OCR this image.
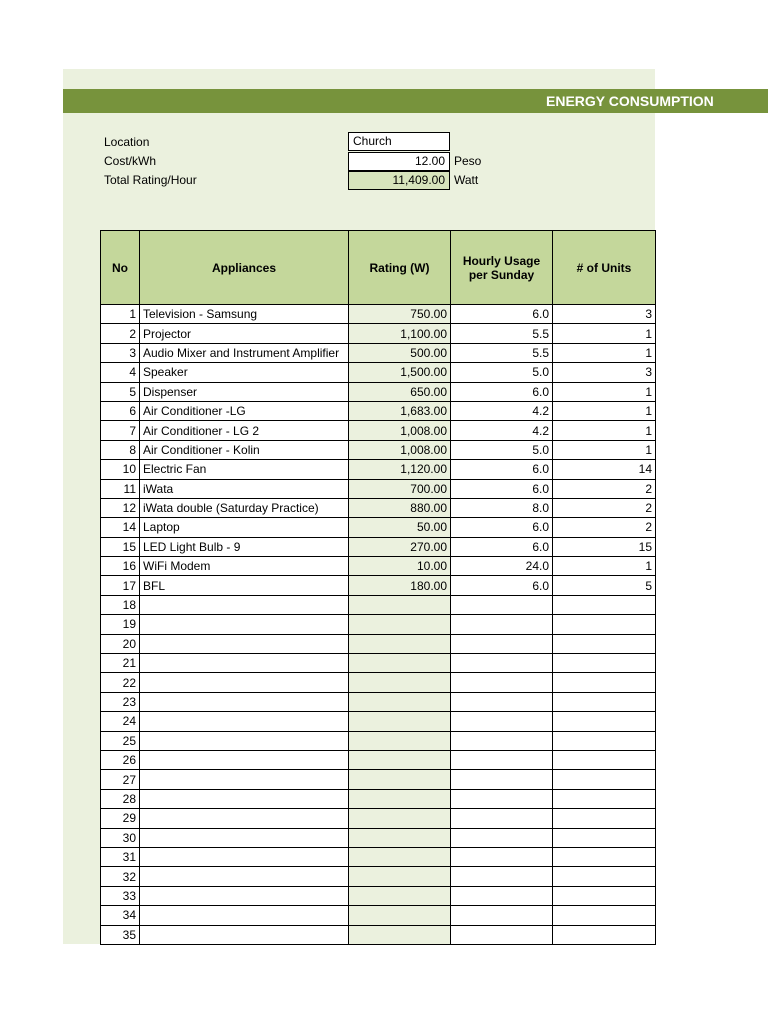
ENERGY CONSUMPTION
Location	Church
Cost/kWh	12.00 Peso
Total Rating/Hour	11,409.00 Watt
No	Appliances	Rating (W)	Hourly Usage per Sunday	# of Units
1	Television - Samsung	750.00	6.0	3
2	Projector	1,100.00	5.5	1
3	Audio Mixer and Instrument Amplifier	500.00	5.5	1
4	Speaker	1,500.00	5.0	3
5	Dispenser	650.00	6.0	1
6	Air Conditioner -LG	1,683.00	4.2	1
7	Air Conditioner - LG 2	1,008.00	4.2	1
8	Air Conditioner - Kolin	1,008.00	5.0	1
10	Electric Fan	1,120.00	6.0	14
11	iWata	700.00	6.0	2
12	iWata double (Saturday Practice)	880.00	8.0	2
14	Laptop	50.00	6.0	2
15	LED Light Bulb - 9	270.00	6.0	15
16	WiFi Modem	10.00	24.0	1
17	BFL	180.00	6.0	5
18				
19				
20				
21				
22				
23				
24				
25				
26				
27				
28				
29				
30				
31				
32				
33				
34				
35				
